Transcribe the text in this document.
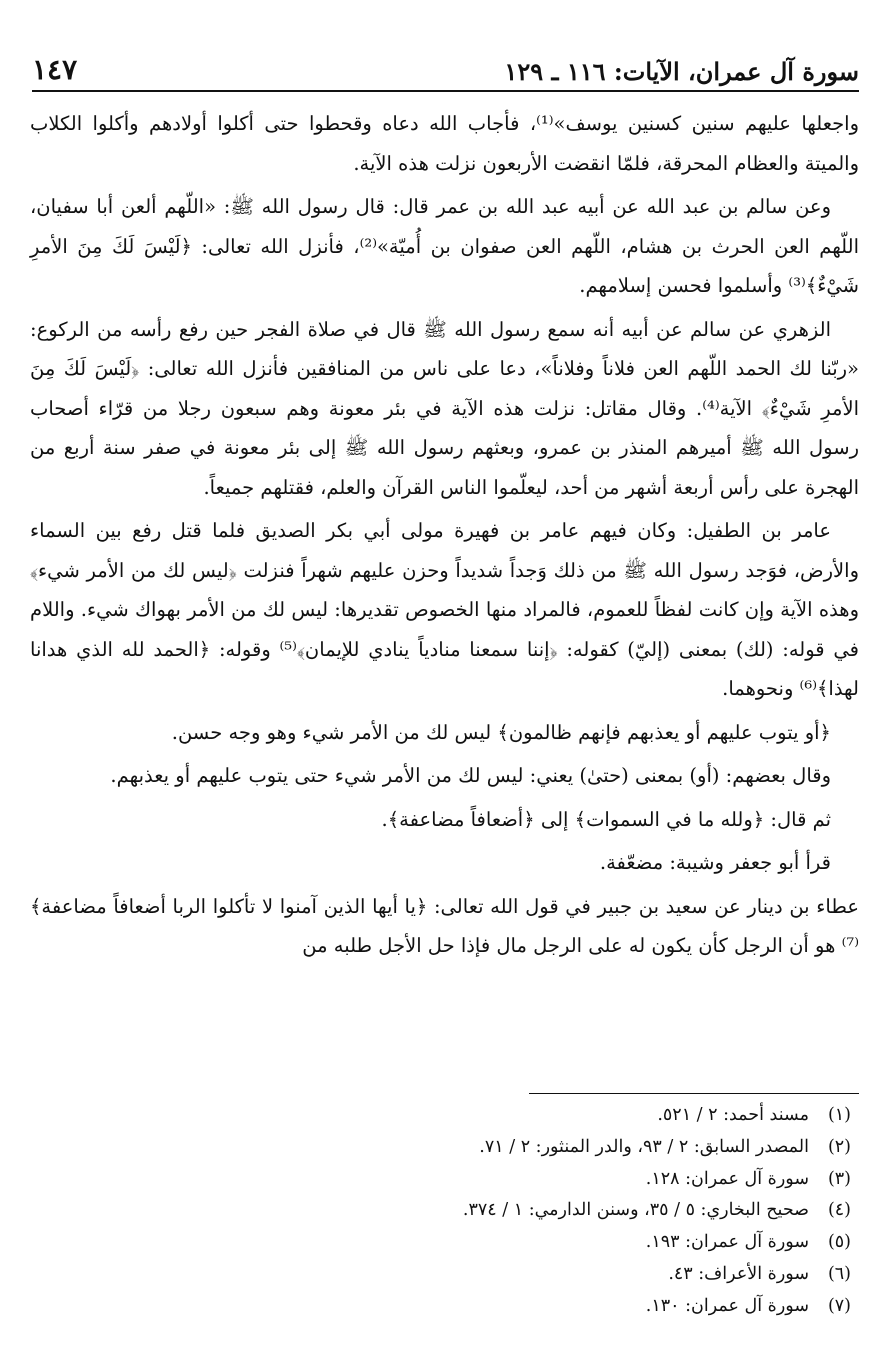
سورة آل عمران، الآيات: ١١٦ ـ ١٢٩
١٤٧

واجعلها عليهم سنين كسنين يوسف»⁽¹⁾، فأجاب الله دعاه وقحطوا حتى أكلوا أولادهم وأكلوا الكلاب والميتة والعظام المحرقة، فلمّا انقضت الأربعون نزلت هذه الآية.

وعن سالم بن عبد الله عن أبيه عبد الله بن عمر قال: قال رسول الله ﷺ: «اللّهم ألعن أبا سفيان، اللّهم العن الحرث بن هشام، اللّهم العن صفوان بن أُميّة»⁽²⁾، فأنزل الله تعالى: ﴿لَيْسَ لَكَ مِنَ الأمرِ شَيْءٌ﴾⁽³⁾ وأسلموا فحسن إسلامهم.

الزهري عن سالم عن أبيه أنه سمع رسول الله ﷺ قال في صلاة الفجر حين رفع رأسه من الركوع: «ربّنا لك الحمد اللّهم العن فلاناً وفلاناً»، دعا على ناس من المنافقين فأنزل الله تعالى: ﴿لَيْسَ لَكَ مِنَ الأمرِ شَيْءٌ﴾ الآية⁽⁴⁾. وقال مقاتل: نزلت هذه الآية في بئر معونة وهم سبعون رجلا من قرّاء أصحاب رسول الله ﷺ أميرهم المنذر بن عمرو، وبعثهم رسول الله ﷺ إلى بئر معونة في صفر سنة أربع من الهجرة على رأس أربعة أشهر من أحد، ليعلّموا الناس القرآن والعلم، فقتلهم جميعاً.

عامر بن الطفيل: وكان فيهم عامر بن فهيرة مولى أبي بكر الصديق فلما قتل رفع بين السماء والأرض، فوَجد رسول الله ﷺ من ذلك وَجداً شديداً وحزن عليهم شهراً فنزلت ﴿ليس لك من الأمر شيء﴾ وهذه الآية وإن كانت لفظاً للعموم، فالمراد منها الخصوص تقديرها: ليس لك من الأمر بهواك شيء. واللام في قوله: (لك) بمعنى (إليّ) كقوله: ﴿إننا سمعنا منادياً ينادي للإيمان﴾⁽⁵⁾ وقوله: ﴿الحمد لله الذي هدانا لهذا﴾⁽⁶⁾ ونحوهما.

﴿أو يتوب عليهم أو يعذبهم فإنهم ظالمون﴾ ليس لك من الأمر شيء وهو وجه حسن.

وقال بعضهم: (أو) بمعنى (حتىٰ) يعني: ليس لك من الأمر شيء حتى يتوب عليهم أو يعذبهم.

ثم قال: ﴿ولله ما في السموات﴾ إلى ﴿أضعافاً مضاعفة﴾.

قرأ أبو جعفر وشيبة: مضعّفة.

عطاء بن دينار عن سعيد بن جبير في قول الله تعالى: ﴿يا أيها الذين آمنوا لا تأكلوا الربا أضعافاً مضاعفة﴾⁽⁷⁾ هو أن الرجل كأن يكون له على الرجل مال فإذا حل الأجل طلبه من

(١)
مسند أحمد: ٢ / ٥٢١.
(٢)
المصدر السابق: ٢ / ٩٣، والدر المنثور: ٢ / ٧١.
(٣)
سورة آل عمران: ١٢٨.
(٤)
صحيح البخاري: ٥ / ٣٥، وسنن الدارمي: ١ / ٣٧٤.
(٥)
سورة آل عمران: ١٩٣.
(٦)
سورة الأعراف: ٤٣.
(٧)
سورة آل عمران: ١٣٠.
